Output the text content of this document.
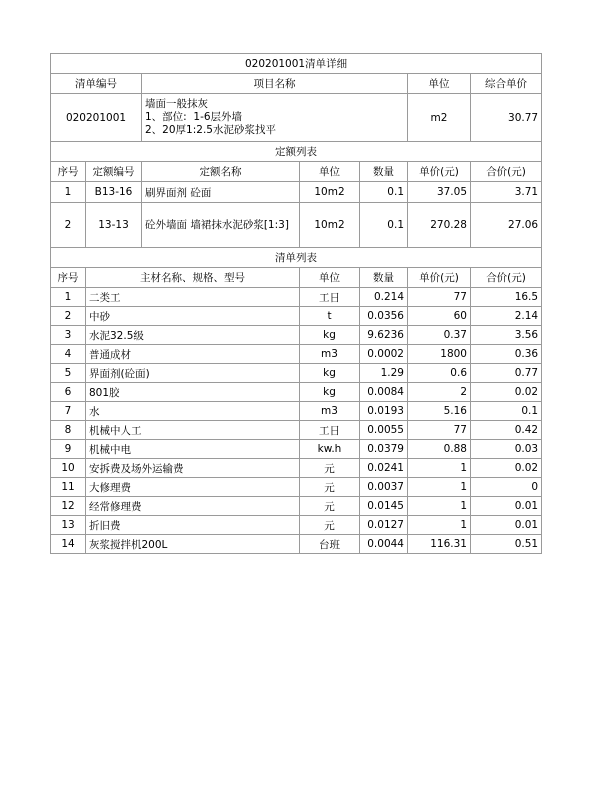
020201001清单详细						
清单编号		项目名称			单位	综合单价
020201001		墙面一般抹灰
1、部位:  1-6层外墙
2、20厚1:2.5水泥砂浆找平			m2	30.77
定额列表						
序号	定额编号	定额名称	单位	数量	单价(元)	合价(元)
1	B13-16	刷界面剂 砼面	10m2	0.1	37.05	3.71
2	13-13	砼外墙面 墙裙抹水泥砂浆[1:3]	10m2	0.1	270.28	27.06
清单列表						
序号	主材名称、规格、型号		单位	数量	单价(元)	合价(元)
1	二类工		工日	0.214	77	16.5
2	中砂		t	0.0356	60	2.14
3	水泥32.5级		kg	9.6236	0.37	3.56
4	普通成材		m3	0.0002	1800	0.36
5	界面剂(砼面)		kg	1.29	0.6	0.77
6	801胶		kg	0.0084	2	0.02
7	水		m3	0.0193	5.16	0.1
8	机械中人工		工日	0.0055	77	0.42
9	机械中电		kw.h	0.0379	0.88	0.03
10	安拆费及场外运输费		元	0.0241	1	0.02
11	大修理费		元	0.0037	1	0
12	经常修理费		元	0.0145	1	0.01
13	折旧费		元	0.0127	1	0.01
14	灰浆搅拌机200L		台班	0.0044	116.31	0.51
